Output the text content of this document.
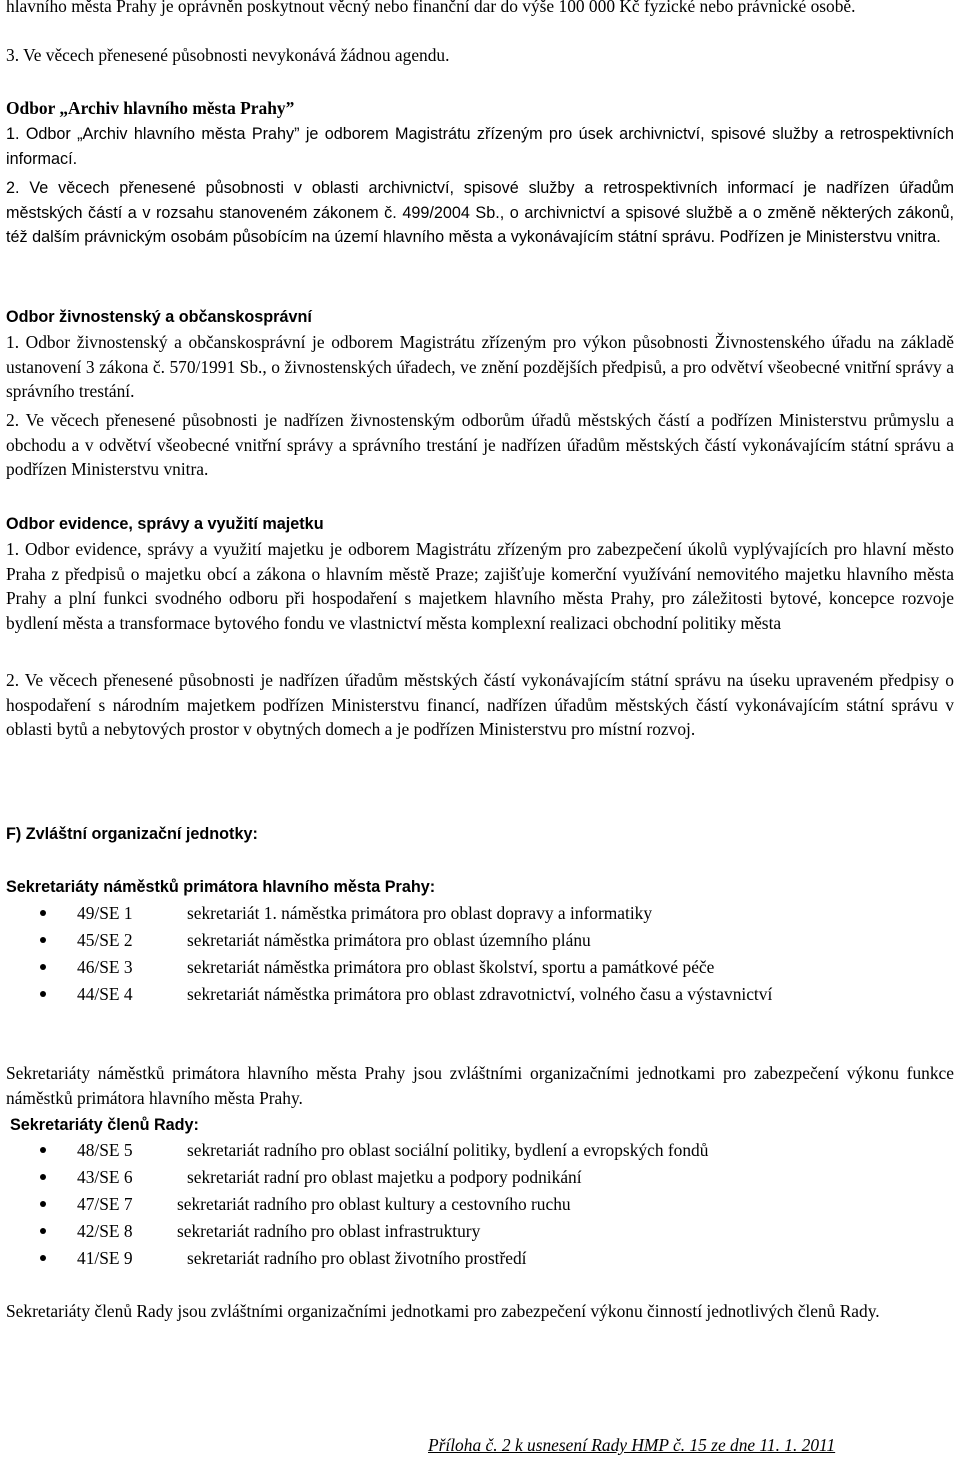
hlavního města Prahy je oprávněn poskytnout věcný nebo finanční dar do výše 100 000 Kč fyzické nebo právnické osobě.

3. Ve věcech přenesené působnosti nevykonává žádnou agendu.

Odbor „Archiv hlavního města Prahy”

1. Odbor „Archiv hlavního města Prahy” je odborem Magistrátu zřízeným pro úsek archivnictví, spisové služby a retrospektivních informací.

2. Ve věcech přenesené působnosti v oblasti archivnictví, spisové služby a retrospektivních informací je nadřízen úřadům městských částí a v rozsahu stanoveném zákonem č. 499/2004 Sb., o archivnictví a spisové službě a o změně některých zákonů, též dalším právnickým osobám působícím na území hlavního města a vykonávajícím státní správu. Podřízen je Ministerstvu vnitra.

Odbor živnostenský a občanskosprávní

1. Odbor živnostenský a občanskosprávní je odborem Magistrátu zřízeným pro výkon působnosti Živnostenského úřadu na základě ustanovení 3 zákona č. 570/1991 Sb., o živnostenských úřadech, ve znění pozdějších předpisů, a pro odvětví všeobecné vnitřní správy a správního trestání.

2. Ve věcech přenesené působnosti je nadřízen živnostenským odborům úřadů městských částí a podřízen Ministerstvu průmyslu a obchodu a v odvětví všeobecné vnitřní správy a správního trestání je nadřízen úřadům městských částí vykonávajícím státní správu a podřízen Ministerstvu vnitra.

Odbor evidence, správy a využití majetku

1. Odbor evidence, správy a využití majetku je odborem Magistrátu zřízeným pro zabezpečení úkolů vyplývajících pro hlavní město Praha z předpisů o majetku obcí a zákona o hlavním městě Praze; zajišťuje komerční využívání nemovitého majetku hlavního města Prahy a plní funkci svodného odboru při hospodaření s majetkem hlavního města Prahy, pro záležitosti bytové, koncepce rozvoje bydlení města a transformace bytového fondu ve vlastnictví města komplexní realizaci obchodní politiky města

2. Ve věcech přenesené působnosti je nadřízen úřadům městských částí vykonávajícím státní správu na úseku upraveném předpisy o hospodaření s národním majetkem podřízen Ministerstvu financí, nadřízen úřadům městských částí vykonávajícím státní správu v oblasti bytů a nebytových prostor v obytných domech a je podřízen Ministerstvu pro místní rozvoj.

F) Zvláštní organizační jednotky:

Sekretariáty náměstků primátora hlavního města Prahy:

49/SE 1	sekretariát 1. náměstka primátora pro oblast dopravy a informatiky
45/SE 2	sekretariát náměstka primátora pro oblast územního plánu
46/SE 3	sekretariát náměstka primátora pro oblast školství, sportu a památkové péče
44/SE 4	sekretariát náměstka primátora pro oblast zdravotnictví, volného času a výstavnictví

Sekretariáty náměstků primátora hlavního města Prahy jsou zvláštními organizačními jednotkami pro zabezpečení výkonu funkce náměstků primátora hlavního města Prahy.

Sekretariáty členů Rady:

48/SE 5	sekretariát radního pro oblast sociální politiky, bydlení a evropských fondů
43/SE 6	sekretariát radní pro oblast majetku a podpory podnikání
47/SE 7	sekretariát radního pro oblast kultury a cestovního ruchu
42/SE 8	sekretariát radního pro oblast infrastruktury
41/SE 9	sekretariát radního pro oblast životního prostředí

Sekretariáty členů Rady jsou zvláštními organizačními jednotkami pro zabezpečení výkonu činností jednotlivých členů Rady.

Příloha č. 2 k usnesení Rady HMP č. 15 ze dne 11. 1. 2011
